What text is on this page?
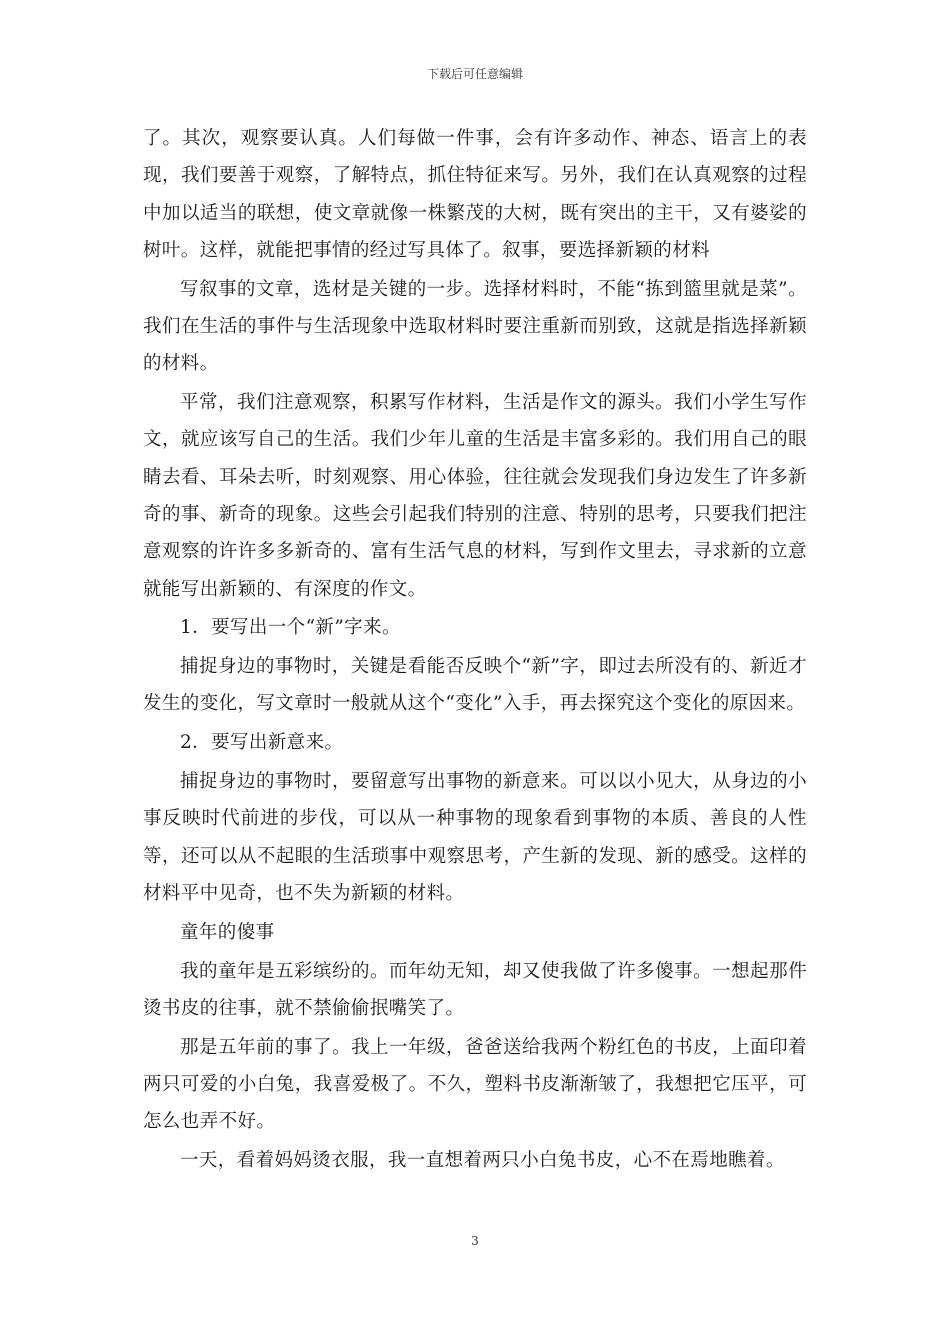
下载后可任意编辑

了。其次，观察要认真。人们每做一件事，会有许多动作、神态、语言上的表现，我们要善于观察，了解特点，抓住特征来写。另外，我们在认真观察的过程中加以适当的联想，使文章就像一株繁茂的大树，既有突出的主干，又有婆娑的树叶。这样，就能把事情的经过写具体了。叙事，要选择新颖的材料

写叙事的文章，选材是关键的一步。选择材料时，不能“拣到篮里就是菜”。我们在生活的事件与生活现象中选取材料时要注重新而别致，这就是指选择新颖的材料。

平常，我们注意观察，积累写作材料，生活是作文的源头。我们小学生写作文，就应该写自己的生活。我们少年儿童的生活是丰富多彩的。我们用自己的眼睛去看、耳朵去听，时刻观察、用心体验，往往就会发现我们身边发生了许多新奇的事、新奇的现象。这些会引起我们特别的注意、特别的思考，只要我们把注意观察的许许多多新奇的、富有生活气息的材料，写到作文里去，寻求新的立意就能写出新颖的、有深度的作文。

1．要写出一个“新”字来。

捕捉身边的事物时，关键是看能否反映个“新”字，即过去所没有的、新近才发生的变化，写文章时一般就从这个“变化”入手，再去探究这个变化的原因来。

2．要写出新意来。

捕捉身边的事物时，要留意写出事物的新意来。可以以小见大，从身边的小事反映时代前进的步伐，可以从一种事物的现象看到事物的本质、善良的人性等，还可以从不起眼的生活琐事中观察思考，产生新的发现、新的感受。这样的材料平中见奇，也不失为新颖的材料。

童年的傻事

我的童年是五彩缤纷的。而年幼无知，却又使我做了许多傻事。一想起那件烫书皮的往事，就不禁偷偷抿嘴笑了。

那是五年前的事了。我上一年级，爸爸送给我两个粉红色的书皮，上面印着两只可爱的小白兔，我喜爱极了。不久，塑料书皮渐渐皱了，我想把它压平，可怎么也弄不好。

一天，看着妈妈烫衣服，我一直想着两只小白兔书皮，心不在焉地瞧着。

3
